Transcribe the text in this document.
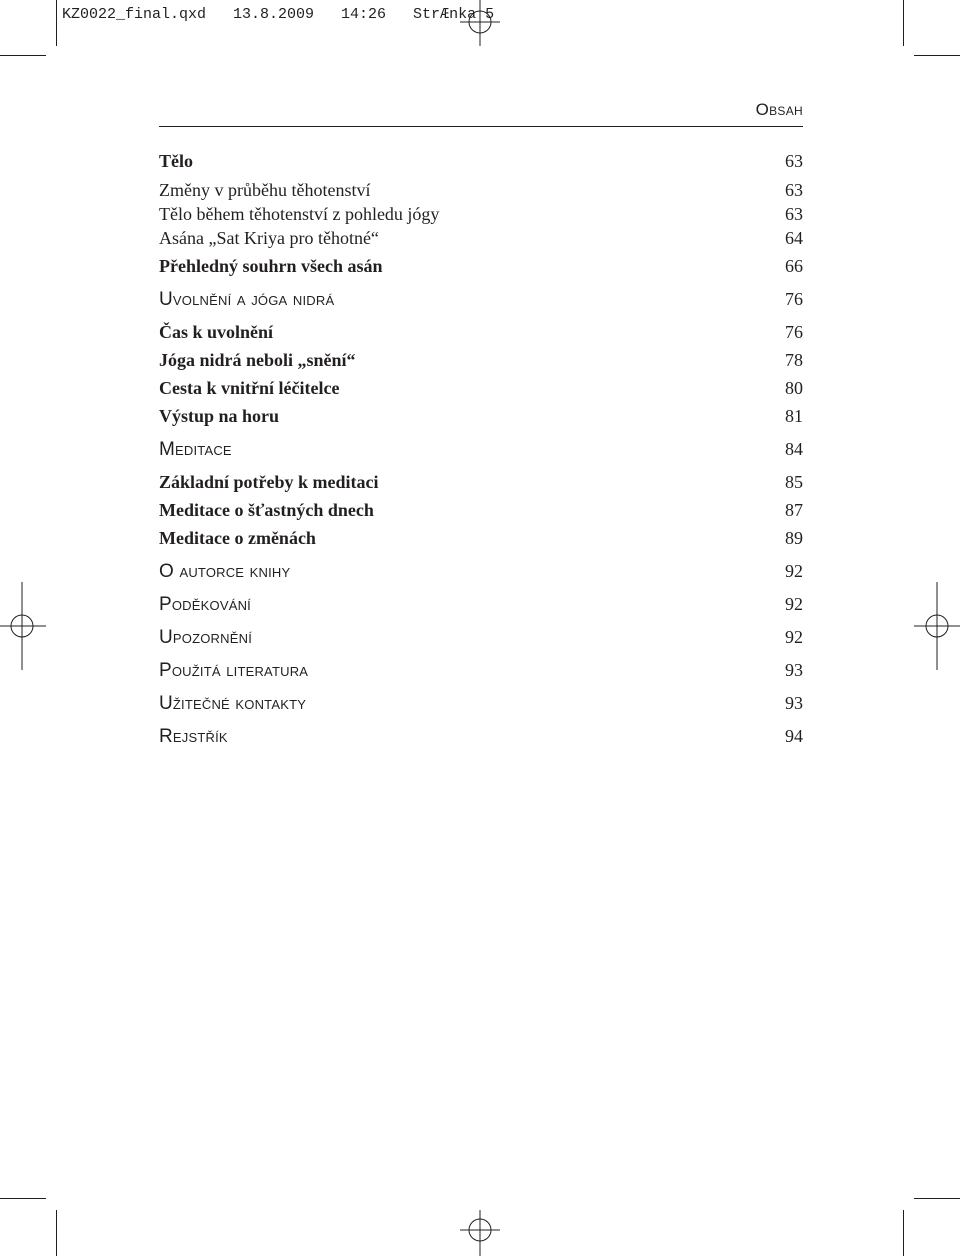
KZ0022_final.qxd   13.8.2009   14:26   StrÆnka 5
Obsah
Tělo	63
Změny v průběhu těhotenství	63
Tělo během těhotenství z pohledu jógy	63
Asána „Sat Kriya pro těhotné“	64
Přehledný souhrn všech asán	66
Uvolnění a jóga nidrá	76
Čas k uvolnění	76
Jóga nidrá neboli „snění“	78
Cesta k vnitřní léčitelce	80
Výstup na horu	81
Meditace	84
Základní potřeby k meditaci	85
Meditace o šťastných dnech	87
Meditace o změnách	89
O autorce knihy	92
Poděkování	92
Upozornění	92
Použitá literatura	93
Užitečné kontakty	93
Rejstřík	94
